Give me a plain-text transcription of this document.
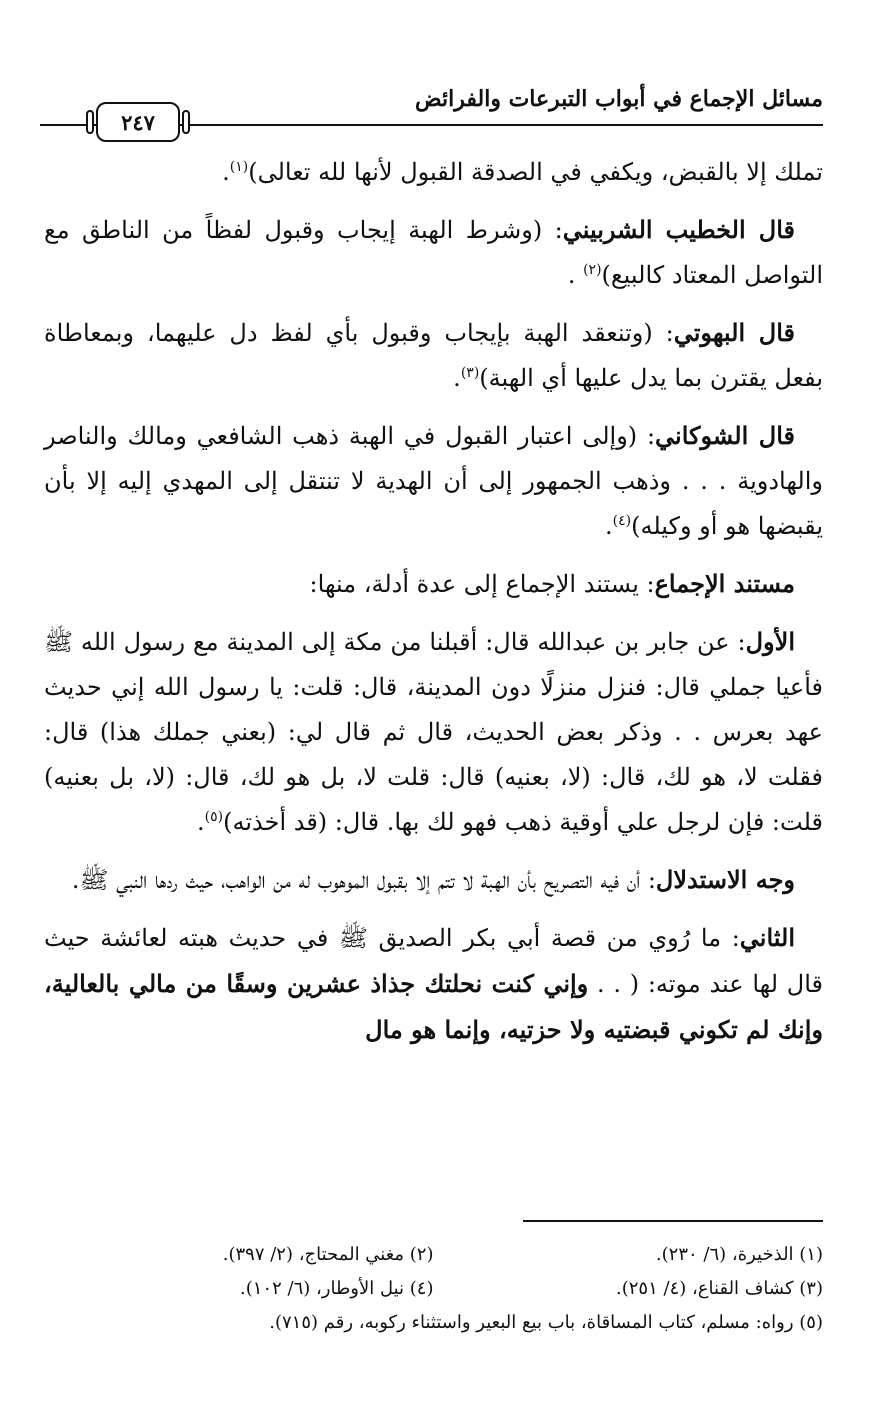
مسائل الإجماع في أبواب التبرعات والفرائض
٢٤٧

تملك إلا بالقبض، ويكفي في الصدقة القبول لأنها لله تعالى)$^{(١)}$.

قال الخطيب الشربيني: (وشرط الهبة إيجاب وقبول لفظاً من الناطق مع التواصل المعتاد كالبيع)$^{(٢)}$ .

قال البهوتي: (وتنعقد الهبة بإيجاب وقبول بأي لفظ دل عليهما، وبمعاطاة بفعل يقترن بما يدل عليها أي الهبة)$^{(٣)}$.

قال الشوكاني: (وإلى اعتبار القبول في الهبة ذهب الشافعي ومالك والناصر والهادوية . . . وذهب الجمهور إلى أن الهدية لا تنتقل إلى المهدي إليه إلا بأن يقبضها هو أو وكيله)$^{(٤)}$.

مستند الإجماع: يستند الإجماع إلى عدة أدلة، منها:

الأول: عن جابر بن عبدالله قال: أقبلنا من مكة إلى المدينة مع رسول الله ﷺ فأعيا جملي قال: فنزل منزلًا دون المدينة، قال: قلت: يا رسول الله إني حديث عهد بعرس . . وذكر بعض الحديث، قال ثم قال لي: (بعني جملك هذا) قال: فقلت لا، هو لك، قال: (لا، بعنيه) قال: قلت لا، بل هو لك، قال: (لا، بل بعنيه) قلت: فإن لرجل علي أوقية ذهب فهو لك بها. قال: (قد أخذته)$^{(٥)}$.

وجه الاستدلال: أن فيه التصريح بأن الهبة لا تتم إلا بقبول الموهوب له من الواهب، حيث ردها النبي ﷺ.

الثاني: ما رُوي من قصة أبي بكر الصديق ﷺ في حديث هبته لعائشة حيث قال لها عند موته: ( . . وإني كنت نحلتك جذاذ عشرين وسقًا من مالي بالعالية، وإنك لم تكوني قبضتيه ولا حزتيه، وإنما هو مال

(١) الذخيرة، (٦/ ٢٣٠).
(٢) مغني المحتاج، (٢/ ٣٩٧).
(٣) كشاف القناع، (٤/ ٢٥١).
(٤) نيل الأوطار، (٦/ ١٠٢).
(٥) رواه: مسلم، كتاب المساقاة، باب بيع البعير واستثناء ركوبه، رقم (٧١٥).
